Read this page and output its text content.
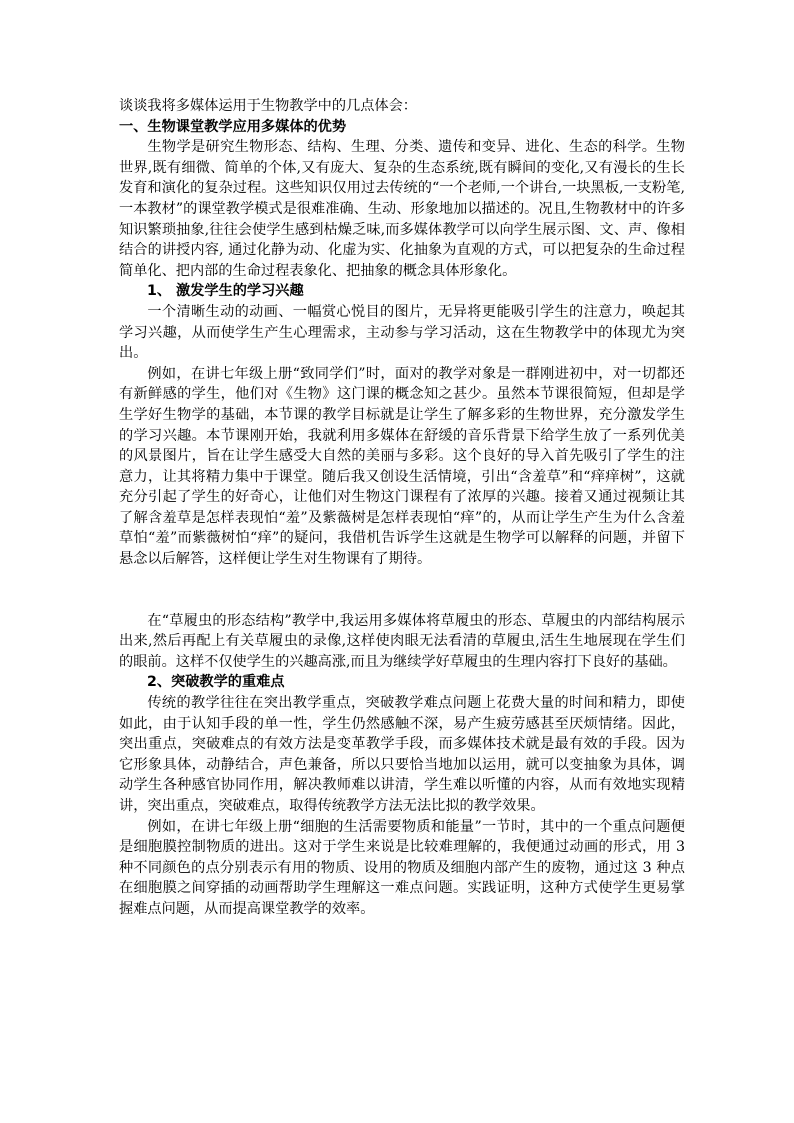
谈谈我将多媒体运用于生物教学中的几点体会：

一、生物课堂教学应用多媒体的优势

生物学是研究生物形态、结构、生理、分类、遗传和变异、进化、生态的科学。生物世界,既有细微、简单的个体,又有庞大、复杂的生态系统,既有瞬间的变化,又有漫长的生长发育和演化的复杂过程。这些知识仅用过去传统的“一个老师,一个讲台,一块黑板,一支粉笔,一本教材”的课堂教学模式是很难准确、生动、形象地加以描述的。况且,生物教材中的许多知识繁琐抽象,往往会使学生感到枯燥乏味,而多媒体教学可以向学生展示图、文、声、像相结合的讲授内容, 通过化静为动、化虚为实、化抽象为直观的方式，可以把复杂的生命过程简单化、把内部的生命过程表象化、把抽象的概念具体形象化。

1、 激发学生的学习兴趣

一个清晰生动的动画、一幅赏心悦目的图片，无异将更能吸引学生的注意力，唤起其学习兴趣，从而使学生产生心理需求，主动参与学习活动，这在生物教学中的体现尤为突出。

例如，在讲七年级上册“致同学们”时，面对的教学对象是一群刚进初中，对一切都还有新鲜感的学生，他们对《生物》这门课的概念知之甚少。虽然本节课很简短，但却是学生学好生物学的基础，本节课的教学目标就是让学生了解多彩的生物世界，充分激发学生的学习兴趣。本节课刚开始，我就利用多媒体在舒缓的音乐背景下给学生放了一系列优美的风景图片，旨在让学生感受大自然的美丽与多彩。这个良好的导入首先吸引了学生的注意力，让其将精力集中于课堂。随后我又创设生活情境，引出“含羞草”和“痒痒树”，这就充分引起了学生的好奇心，让他们对生物这门课程有了浓厚的兴趣。接着又通过视频让其了解含羞草是怎样表现怕“羞”及紫薇树是怎样表现怕“痒”的，从而让学生产生为什么含羞草怕“羞”而紫薇树怕“痒”的疑问，我借机告诉学生这就是生物学可以解释的问题，并留下悬念以后解答，这样便让学生对生物课有了期待。

在“草履虫的形态结构”教学中,我运用多媒体将草履虫的形态、草履虫的内部结构展示出来,然后再配上有关草履虫的录像,这样使肉眼无法看清的草履虫,活生生地展现在学生们的眼前。这样不仅使学生的兴趣高涨,而且为继续学好草履虫的生理内容打下良好的基础。

2、突破教学的重难点

传统的教学往往在突出教学重点，突破教学难点问题上花费大量的时间和精力，即使如此，由于认知手段的单一性，学生仍然感触不深，易产生疲劳感甚至厌烦情绪。因此，突出重点，突破难点的有效方法是变革教学手段，而多媒体技术就是最有效的手段。因为它形象具体，动静结合，声色兼备，所以只要恰当地加以运用，就可以变抽象为具体，调动学生各种感官协同作用，解决教师难以讲清，学生难以听懂的内容，从而有效地实现精讲，突出重点，突破难点，取得传统教学方法无法比拟的教学效果。

例如，在讲七年级上册“细胞的生活需要物质和能量”一节时，其中的一个重点问题便是细胞膜控制物质的进出。这对于学生来说是比较难理解的，我便通过动画的形式，用 3 种不同颜色的点分别表示有用的物质、设用的物质及细胞内部产生的废物，通过这 3 种点在细胞膜之间穿插的动画帮助学生理解这一难点问题。实践证明，这种方式使学生更易掌握难点问题，从而提高课堂教学的效率。
